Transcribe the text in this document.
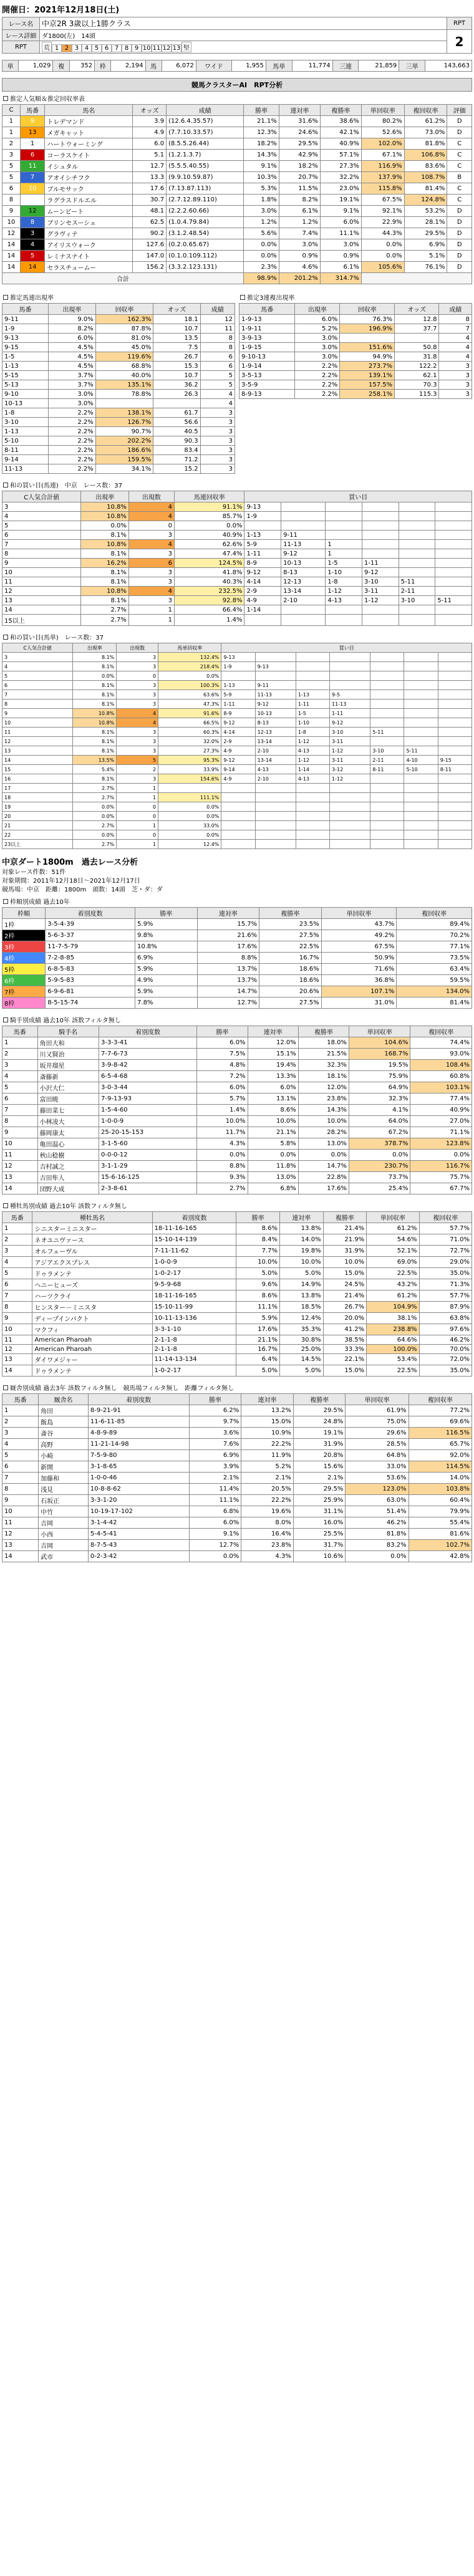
開催日：2021年12月18日(土)
レース名	中京2R 3歳以上1勝クラス	RPT
レース詳細	ダ1800(左)　14頭	2
RPT	荒 1 2 3 4 5 6 7 8 9 10 11 12 13 堅	
単	1,029	複	352	枠	2,194	馬	6,072	ワイド	1,955	馬単	11,774	三連	21,859	三単	143,663
競馬クラスターAI　RPT分析
推定人気順＆推定回収率表
C	馬番	馬名	オッズ	成績	勝率	連対率	複勝率	単回収率	複回収率	評価
1	9	トレデマンド	3.9	(12.6.4.35.57)	21.1%	31.6%	38.6%	80.2%	61.2%	D
1	13	メガキャット	4.9	(7.7.10.33.57)	12.3%	24.6%	42.1%	52.6%	73.0%	D
2	1	ハートウォーミング	6.0	(8.5.5.26.44)	18.2%	29.5%	40.9%	102.0%	81.8%	C
3	6	コーラスケイト	5.1	(1.2.1.3.7)	14.3%	42.9%	57.1%	67.1%	106.8%	C
5	11	イシュタル	12.7	(5.5.5.40.55)	9.1%	18.2%	27.3%	116.9%	83.6%	C
5	7	アオイシチフク	13.3	(9.9.10.59.87)	10.3%	20.7%	32.2%	137.9%	108.7%	B
6	10	ブルモサック	17.6	(7.13.87.113)	5.3%	11.5%	23.0%	115.8%	81.4%	C
8	2	ラグラスドルエル	30.7	(2.7.12.89.110)	1.8%	8.2%	19.1%	67.5%	124.8%	C
9	12	ムーンビート	48.1	(2.2.2.60.66)	3.0%	6.1%	9.1%	92.1%	53.2%	D
10	8	ブリンセスーシェ	62.5	(1.0.4.79.84)	1.2%	1.2%	6.0%	22.9%	28.1%	D
12	3	グラヴィテ	90.2	(3.1.2.48.54)	5.6%	7.4%	11.1%	44.3%	29.5%	D
14	4	アイリスウォーク	127.6	(0.2.0.65.67)	0.0%	3.0%	3.0%	0.0%	6.9%	D
14	5	レミナスナイト	147.0	(0.1.0.109.112)	0.0%	0.9%	0.9%	0.0%	5.1%	D
14	14	セラスチュームー	156.2	(3.3.2.123.131)	2.3%	4.6%	6.1%	105.6%	76.1%	D
合計					98.9%	201.2%	314.7%			
推定馬連出現率
馬番	出現率	回収率	オッズ	成績
9-11	9.0%	162.3%	18.1	12
1-9	8.2%	87.8%	10.7	11
9-13	6.0%	81.0%	13.5	8
9-15	4.5%	45.0%	7.5	8
1-5	4.5%	119.6%	26.7	6
1-13	4.5%	68.8%	15.3	6
5-15	3.7%	40.0%	10.7	5
5-13	3.7%	135.1%	36.2	5
9-10	3.0%	78.8%	26.3	4
10-13	3.0%			4
1-8	2.2%	138.1%	61.7	3
3-10	2.2%	126.7%	56.6	3
1-13	2.2%	90.7%	40.5	3
5-10	2.2%	202.2%	90.3	3
8-11	2.2%	186.6%	83.4	3
9-14	2.2%	159.5%	71.2	3
11-13	2.2%	34.1%	15.2	3
推定3連複出現率
馬番	出現率	回収率	オッズ	成績
1-9-13	6.0%	76.3%	12.8	8
1-9-11	5.2%	196.9%	37.7	7
3-9-13	3.0%			4
1-9-15	3.0%	151.6%	50.8	4
9-10-13	3.0%	94.9%	31.8	4
1-9-14	2.2%	273.7%	122.2	3
3-5-13	2.2%	139.1%	62.1	3
3-5-9	2.2%	157.5%	70.3	3
8-9-13	2.2%	258.1%	115.3	3
和の買い目(馬連)　中京　レース数：37
C人気合計値	出現率	出現数	馬連回収率	買い目					
3	10.8%	4	91.1%	9-13					
4	10.8%	4	85.7%	1-9					
5	0.0%	0	0.0%						
6	8.1%	3	40.9%	1-13	9-11				
7	10.8%	4	62.6%	5-9	11-13	1			
8	8.1%	3	47.4%	1-11	9-12	1			
9	16.2%	6	124.5%	8-9	10-13	1-5	1-11		
10	8.1%	3	41.8%	9-12	8-13	1-10	9-12		
11	8.1%	3	40.3%	4-14	12-13	1-8	3-10	5-11	
12	10.8%	4	232.5%	2-9	13-14	1-12	3-11	2-11	
13	8.1%	3	92.8%	4-9	2-10	4-13	1-12	3-10	5-11
14	2.7%	1	66.4%	1-14					
15以上	2.7%	1	1.4%						
和の買い目(馬単)　レース数：37
C人気合計値	出現率	出現数	馬単回収率	買い目						
3	8.1%	3	132.4%	9-13						
4	8.1%	3	218.4%	1-9	9-13					
5	0.0%	0	0.0%							
6	8.1%	3	100.3%	1-13	9-11					
7	8.1%	3	63.6%	5-9	11-13	1-13	9-5			
8	8.1%	3	47.3%	1-11	9-12	1-11	11-13			
9	10.8%	4	91.6%	8-9	10-13	1-5	1-11			
10	10.8%	4	66.5%	9-12	8-13	1-10	9-12			
11	8.1%	3	60.3%	4-14	12-13	1-8	3-10	5-11		
12	8.1%	3	32.0%	2-9	13-14	1-12	3-11			
13	8.1%	3	27.3%	4-9	2-10	4-13	1-12	3-10	5-11	
14	13.5%	5	95.3%	9-12	13-14	1-12	3-11	2-11	4-10	9-15
15	5.4%	2	33.9%	9-14	4-13	1-14	3-12	8-11	5-10	8-11
16	8.1%	3	154.6%	4-9	2-10	4-13	1-12			
17	2.7%	1								
18	2.7%	1	111.1%							
19	0.0%	0	0.0%							
20	0.0%	0	0.0%							
21	2.7%	1	33.0%							
22	0.0%	0	0.0%							
23以上	2.7%	1	12.4%							
中京ダート1800m　過去レース分析
対象レース件数：51件
対象期間：2011年12月18日〜2021年12月17日
競馬場：中京　距離：1800m　頭数：14頭　芝・ダ：ダ
枠順別成績 過去10年
枠順	着別度数	勝率	連対率	複勝率	単回収率	複回収率
1枠	3-5-4-39	5.9%	15.7%	23.5%	43.7%	89.4%
2枠	5-6-3-37	9.8%	21.6%	27.5%	49.2%	70.2%
3枠	11-7-5-79	10.8%	17.6%	22.5%	67.5%	77.1%
4枠	7-2-8-85	6.9%	8.8%	16.7%	50.9%	73.5%
5枠	6-8-5-83	5.9%	13.7%	18.6%	71.6%	63.4%
6枠	5-9-5-83	4.9%	13.7%	18.6%	36.8%	59.5%
7枠	6-9-6-81	5.9%	14.7%	20.6%	107.1%	134.0%
8枠	8-5-15-74	7.8%	12.7%	27.5%	31.0%	81.4%
騎手別成績 過去10年 該数フィルタ無し
馬番	騎手名	着別度数	勝率	連対率	複勝率	単回収率	複回収率
1	角田大和	3-3-3-41	6.0%	12.0%	18.0%	104.6%	74.4%
2	川又賢治	7-7-6-73	7.5%	15.1%	21.5%	168.7%	93.0%
3	坂井瑠星	3-9-8-42	4.8%	19.4%	32.3%	19.5%	108.4%
4	斎藤新	6-5-4-68	7.2%	13.3%	18.1%	75.9%	60.8%
5	小沢大仁	3-0-3-44	6.0%	6.0%	12.0%	64.9%	103.1%
6	富田暁	7-9-13-93	5.7%	13.1%	23.8%	32.3%	77.4%
7	藤田菜七	1-5-4-60	1.4%	8.6%	14.3%	4.1%	40.9%
8	小林凌大	1-0-0-9	10.0%	10.0%	10.0%	64.0%	27.0%
9	藤岡康太	25-20-15-153	11.7%	21.1%	28.2%	67.2%	71.1%
10	亀田温心	3-1-5-60	4.3%	5.8%	13.0%	378.7%	123.8%
11	秋山稔樹	0-0-0-12	0.0%	0.0%	0.0%	0.0%	0.0%
12	吉村誠之	3-1-1-29	8.8%	11.8%	14.7%	230.7%	116.7%
13	吉田隼人	15-6-16-125	9.3%	13.0%	22.8%	73.7%	75.7%
14	団野大成	2-3-8-61	2.7%	6.8%	17.6%	25.4%	67.7%
種牡馬別成績 過去10年 該数フィルタ無し
馬番	種牡馬名	着別度数	勝率	連対率	複勝率	単回収率	複回収率
1	シニスターミニスター	18-11-16-165	8.6%	13.8%	21.4%	61.2%	57.7%
2	ネオユニヴァース	15-10-14-139	8.4%	14.0%	21.9%	54.6%	71.0%
3	オルフェーヴル	7-11-11-62	7.7%	19.8%	31.9%	52.1%	72.7%
4	アジアエクスプレス	1-0-0-9	10.0%	10.0%	10.0%	69.0%	29.0%
5	ドゥラメンテ	1-0-2-17	5.0%	5.0%	15.0%	22.5%	35.0%
6	ヘニーヒューズ	9-5-9-68	9.6%	14.9%	24.5%	43.2%	71.3%
7	ハーツクライ	18-11-16-165	8.6%	13.8%	21.4%	61.2%	57.7%
8	ヒンスター－ミニスタ	15-10-11-99	11.1%	18.5%	26.7%	104.9%	87.9%
9	ディープインパクト	10-11-13-136	5.9%	12.4%	20.0%	38.1%	63.8%
10	マクフィ	3-3-1-10	17.6%	35.3%	41.2%	238.8%	97.6%
11	American Pharoah	2-1-1-8	21.1%	30.8%	38.5%	64.6%	46.2%
12	American Pharoah	2-1-1-8	16.7%	25.0%	33.3%	100.0%	70.0%
13	ダイワメジャー	11-14-13-134	6.4%	14.5%	22.1%	53.4%	72.0%
14	ドゥラメンテ	1-0-2-17	5.0%	5.0%	15.0%	22.5%	35.0%
厩舎別成績 過去3年 該数フィルタ無し　競馬場フィルタ無し　距離フィルタ無し
馬番	厩舎名	着別度数	勝率	連対率	複勝率	単回収率	複回収率
1	角田	8-9-21-91	6.2%	13.2%	29.5%	61.9%	77.2%
2	飯島	11-6-11-85	9.7%	15.0%	24.8%	75.0%	69.6%
3	斎谷	4-8-9-89	3.6%	10.9%	19.1%	29.6%	116.5%
4	高野	11-21-14-98	7.6%	22.2%	31.9%	28.5%	65.7%
5	小崎	7-5-9-80	6.9%	11.9%	20.8%	64.8%	92.0%
6	新開	3-1-8-65	3.9%	5.2%	15.6%	33.0%	114.5%
7	加藤和	1-0-0-46	2.1%	2.1%	2.1%	53.6%	14.0%
8	浅見	10-8-8-62	11.4%	20.5%	29.5%	123.0%	103.8%
9	石坂正	3-3-1-20	11.1%	22.2%	25.9%	63.0%	60.4%
10	中竹	10-19-17-102	6.8%	19.6%	31.1%	51.4%	79.9%
11	吉岡	3-1-4-42	6.0%	8.0%	16.0%	46.2%	55.4%
12	小西	5-4-5-41	9.1%	16.4%	25.5%	81.8%	81.6%
13	吉岡	8-7-5-43	12.7%	23.8%	31.7%	83.2%	102.7%
14	武市	0-2-3-42	0.0%	4.3%	10.6%	0.0%	42.8%
